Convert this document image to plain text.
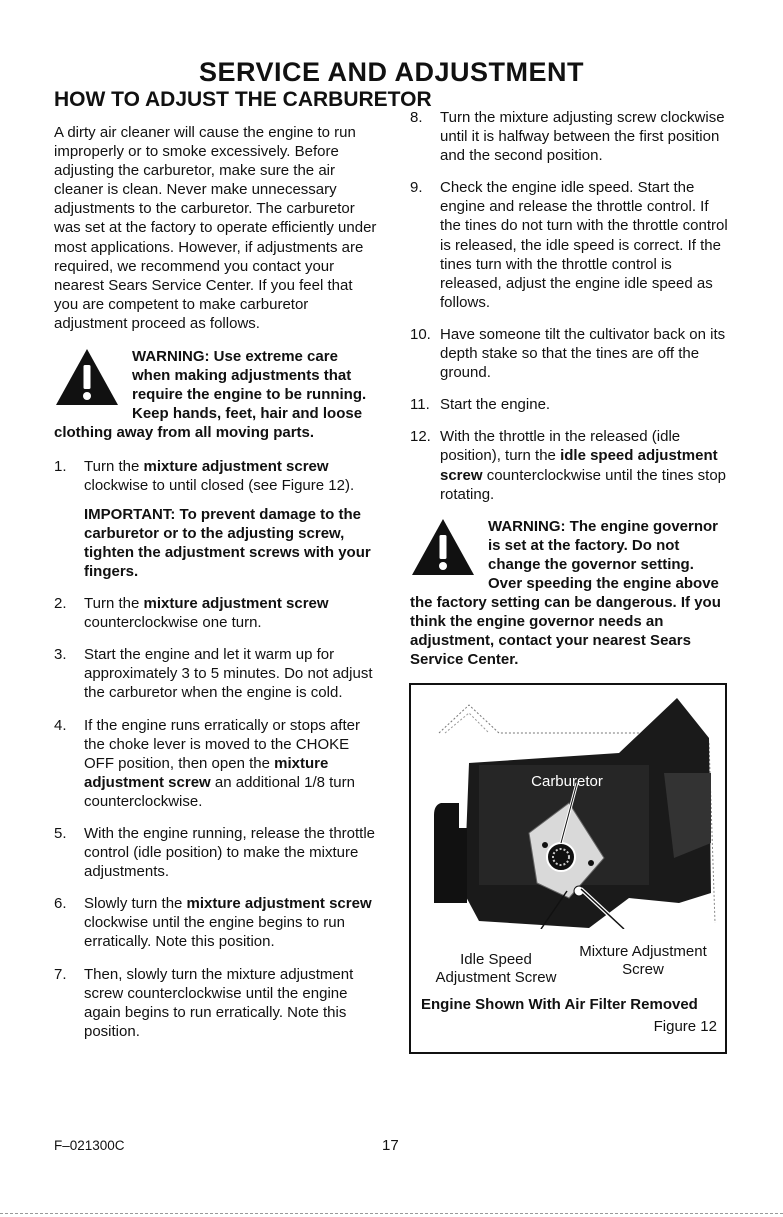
SERVICE AND ADJUSTMENT
HOW TO ADJUST THE CARBURETOR

A dirty air cleaner will cause the engine to run improperly or to smoke excessively. Before adjusting the carburetor, make sure the air cleaner is clean. Never make unnecessary adjustments to the carburetor. The carburetor was set at the factory to operate efficiently under most applications. However, if adjustments are required, we recommend you contact your nearest Sears Service Center. If you feel that you are competent to make carburetor adjustment proceed as follows.

WARNING: Use extreme care when making adjustments that require the engine to be running. Keep hands, feet, hair and loose clothing away from all moving parts.
1. Turn the mixture adjustment screw clockwise to until closed (see Figure 12).

IMPORTANT: To prevent damage to the carburetor or to the adjusting screw, tighten the adjustment screws with your fingers.

2. Turn the mixture adjustment screw counterclockwise one turn.
3. Start the engine and let it warm up for approximately 3 to 5 minutes. Do not adjust the carburetor when the engine is cold.
4. If the engine runs erratically or stops after the choke lever is moved to the CHOKE OFF position, then open the mixture adjustment screw an additional 1/8 turn counterclockwise.
5. With the engine running, release the throttle control (idle position) to make the mixture adjustments.
6. Slowly turn the mixture adjustment screw clockwise until the engine begins to run erratically. Note this position.
7. Then, slowly turn the mixture adjustment screw counterclockwise until the engine again begins to run erratically. Note this position.
8. Turn the mixture adjusting screw clockwise until it is halfway between the first position and the second position.
9. Check the engine idle speed. Start the engine and release the throttle control. If the tines do not turn with the throttle control is released, the idle speed is correct. If the tines turn with the throttle control is released, adjust the engine idle speed as follows.
10. Have someone tilt the cultivator back on its depth stake so that the tines are off the ground.
11. Start the engine.
12. With the throttle in the released (idle position), turn the idle speed adjustment screw counterclockwise until the tines stop rotating.
WARNING: The engine governor is set at the factory. Do not change the governor setting. Over speeding the engine above the factory setting can be dangerous. If you think the engine governor needs an adjustment, contact your nearest Sears Service Center.
Carburetor
Idle Speed Adjustment Screw
Mixture Adjustment Screw
Engine Shown With Air Filter Removed
Figure 12
F–021300C	17
